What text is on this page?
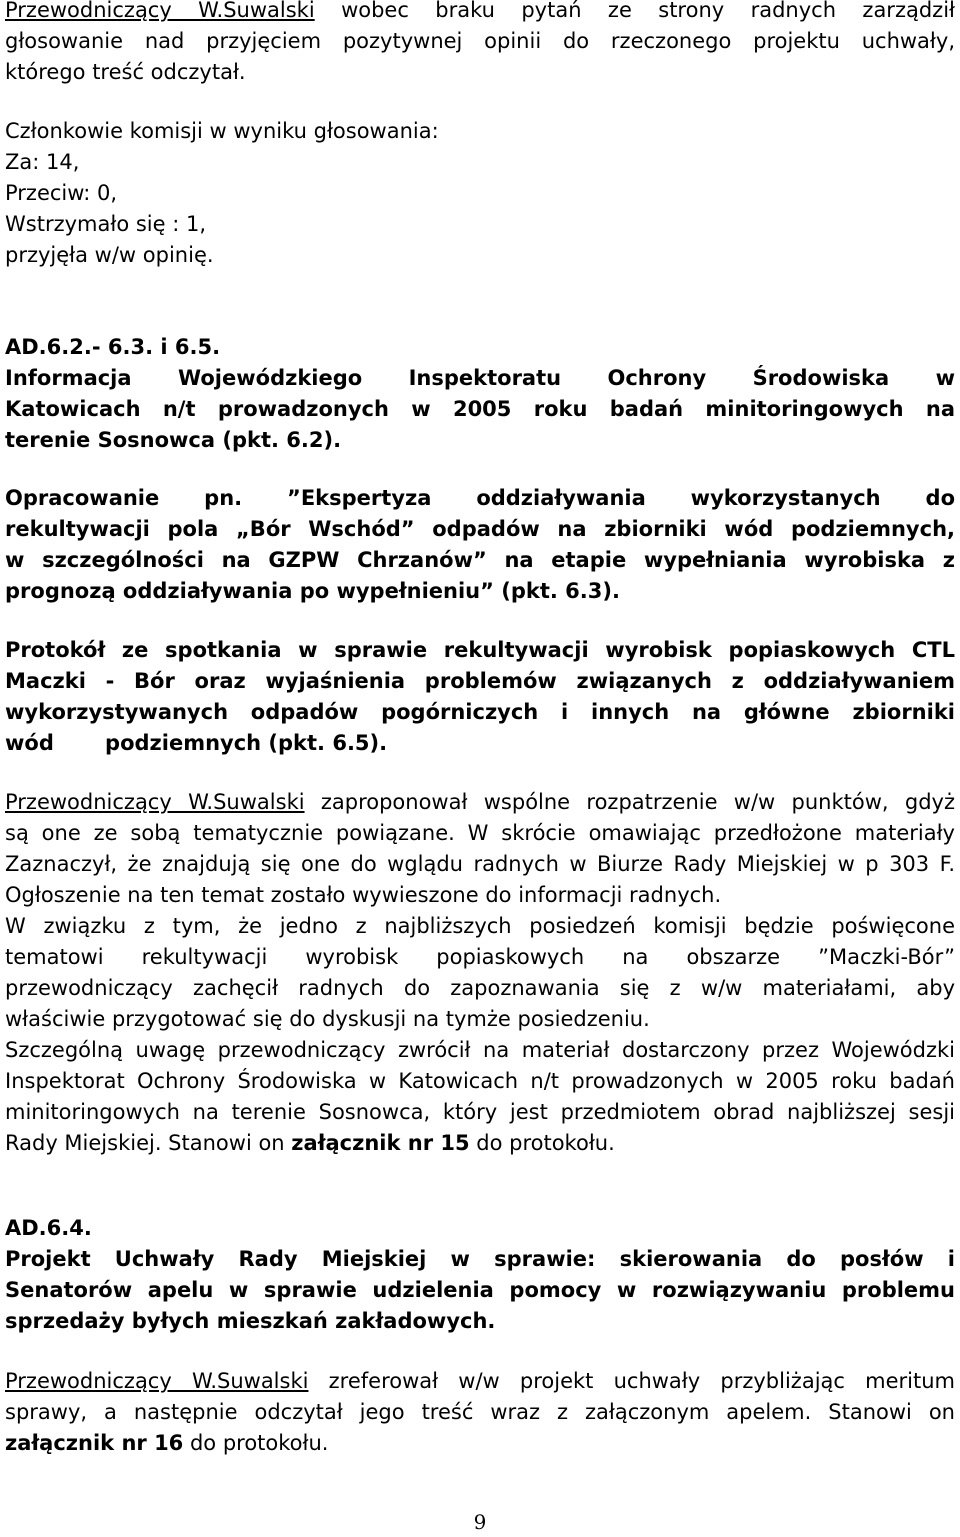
Przewodniczący W.Suwalski wobec braku pytań ze strony radnych zarządził
głosowanie nad przyjęciem pozytywnej opinii do rzeczonego projektu uchwały,
którego treść odczytał.
Członkowie komisji w wyniku głosowania:
Za: 14,
Przeciw: 0,
Wstrzymało się : 1,
przyjęła w/w opinię.
AD.6.2.- 6.3. i 6.5.
Informacja Wojewódzkiego Inspektoratu Ochrony Środowiska w
Katowicach n/t prowadzonych w 2005 roku badań minitoringowych na
terenie Sosnowca (pkt. 6.2).
Opracowanie pn. ”Ekspertyza oddziaływania wykorzystanych do
rekultywacji pola „Bór Wschód” odpadów na zbiorniki wód podziemnych,
w szczególności na GZPW Chrzanów” na etapie wypełniania wyrobiska z
prognozą oddziaływania po wypełnieniu” (pkt. 6.3).
Protokół ze spotkania w sprawie rekultywacji wyrobisk popiaskowych CTL
Maczki - Bór oraz wyjaśnienia problemów związanych z oddziaływaniem
wykorzystywanych odpadów pogórniczych i innych na główne zbiorniki
wód       podziemnych (pkt. 6.5).
Przewodniczący W.Suwalski zaproponował wspólne rozpatrzenie w/w punktów, gdyż
są one ze sobą tematycznie powiązane. W skrócie omawiając przedłożone materiały
Zaznaczył, że znajdują się one do wglądu radnych w Biurze Rady Miejskiej w p 303 F.
Ogłoszenie na ten temat zostało wywieszone do informacji radnych.
W związku z tym, że jedno z najbliższych posiedzeń komisji będzie poświęcone
tematowi rekultywacji wyrobisk popiaskowych na obszarze ”Maczki-Bór”
przewodniczący zachęcił radnych do zapoznawania się z w/w materiałami, aby
właściwie przygotować się do dyskusji na tymże posiedzeniu.
Szczególną uwagę przewodniczący zwrócił na materiał dostarczony przez Wojewódzki
Inspektorat Ochrony Środowiska w Katowicach n/t prowadzonych w 2005 roku badań
minitoringowych na terenie Sosnowca, który jest przedmiotem obrad najbliższej sesji
Rady Miejskiej. Stanowi on załącznik nr 15 do protokołu.
AD.6.4.
Projekt Uchwały Rady Miejskiej w sprawie: skierowania do posłów i
Senatorów apelu w sprawie udzielenia pomocy w rozwiązywaniu problemu
sprzedaży byłych mieszkań zakładowych.
Przewodniczący W.Suwalski zreferował w/w projekt uchwały przybliżając meritum
sprawy, a następnie odczytał jego treść wraz z załączonym apelem. Stanowi on
załącznik nr 16 do protokołu.
9
